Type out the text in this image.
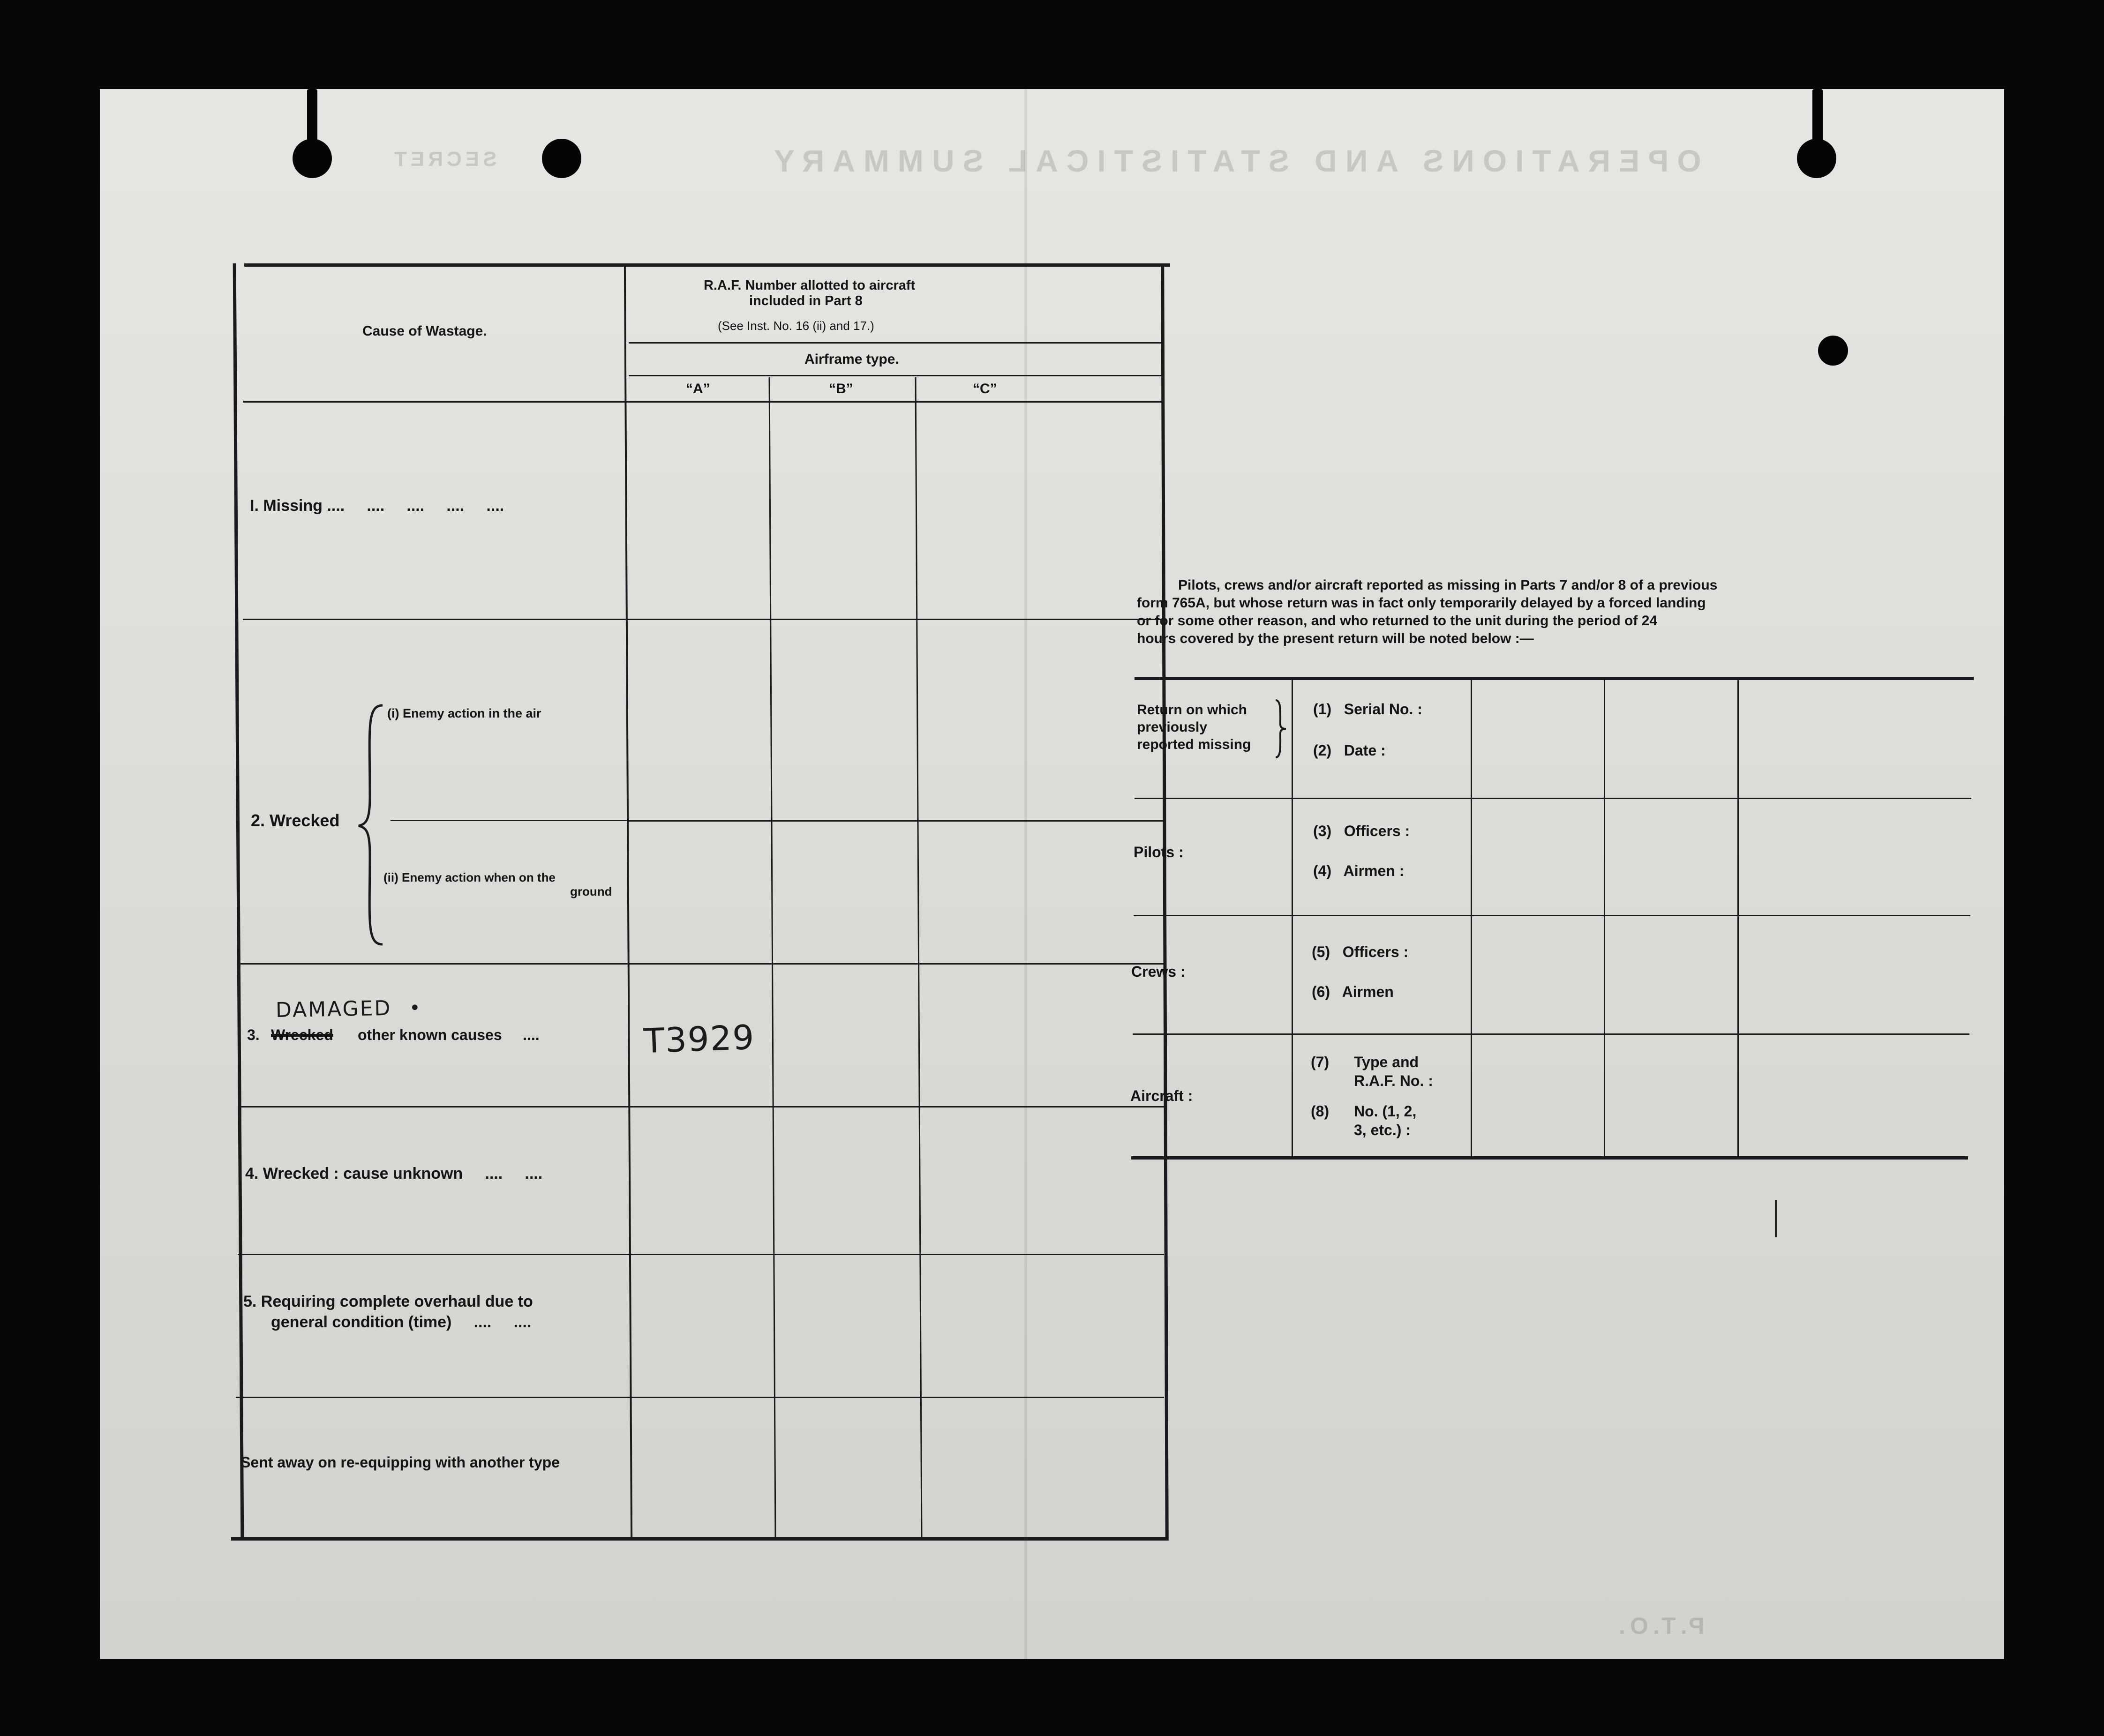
OPERATIONS AND STATISTICAL SUMMARY
SECRET
P.T.O.
Cause of Wastage.
R.A.F. Number allotted to aircraft
included in Part 8
(See Inst. No. 16 (ii) and 17.)
Airframe type.
“A”	“B”	“C”
I. Missing ....     ....     ....     ....     ....
2. Wrecked
(i) Enemy action in the air
(ii) Enemy action when on the
ground
DAMAGED •
3. Wrecked other known causes     ....	T3929
4. Wrecked : cause unknown     ....     ....
5. Requiring complete overhaul due to
general condition (time)     ....     ....
Sent away on re-equipping with another type
Pilots, crews and/or aircraft reported as missing in Parts 7 and/or 8 of a previous
form 765A, but whose return was in fact only temporarily delayed by a forced landing
or for some other reason, and who returned to the unit during the period of 24
hours covered by the present return will be noted below :—
Return on which
previously
reported missing
(1)   Serial No. :
(2)   Date :
Pilots :
(3)   Officers :
(4)   Airmen :
Crews :
(5)   Officers :
(6)   Airmen
Aircraft :
(7) Type and
R.A.F. No. :
(8) No. (1, 2,
3, etc.) :
